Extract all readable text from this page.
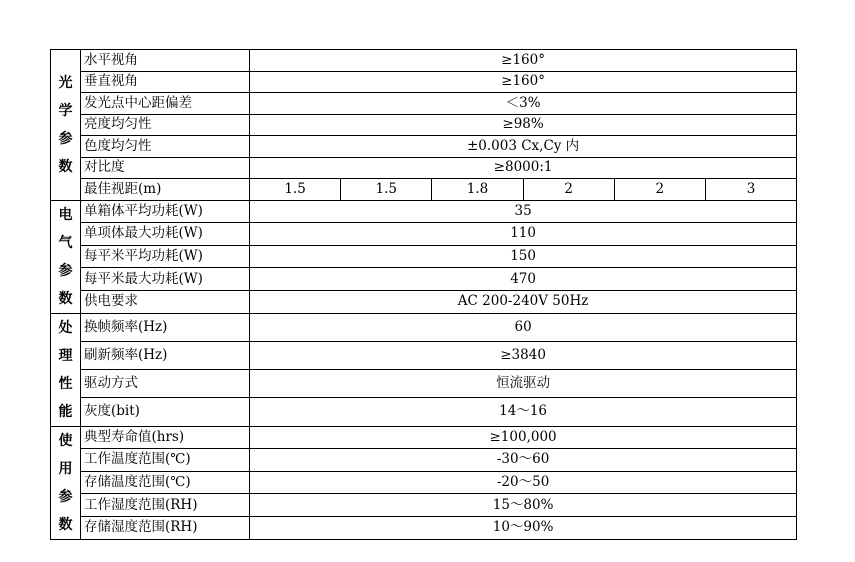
光学参数	水平视角	≥160°					
	垂直视角	≥160°					
	发光点中心距偏差	＜3%					
	亮度均匀性	≥98%					
	色度均匀性	±0.003 Cx,Cy 内					
	对比度	≥8000:1					
	最佳视距(m)	1.5	1.5	1.8	2	2	3
电气参数	单箱体平均功耗(W)	35					
	单项体最大功耗(W)	110					
	每平米平均功耗(W)	150					
	每平米最大功耗(W)	470					
	供电要求	AC 200-240V 50Hz					
处理性能	换帧频率(Hz)	60					
	刷新频率(Hz)	≥3840					
	驱动方式	恒流驱动					
	灰度(bit)	14～16					
使用参数	典型寿命值(hrs)	≥100,000					
	工作温度范围(℃)	-30～60					
	存储温度范围(℃)	-20～50					
	工作湿度范围(RH)	15～80%					
	存储湿度范围(RH)	10～90%					
